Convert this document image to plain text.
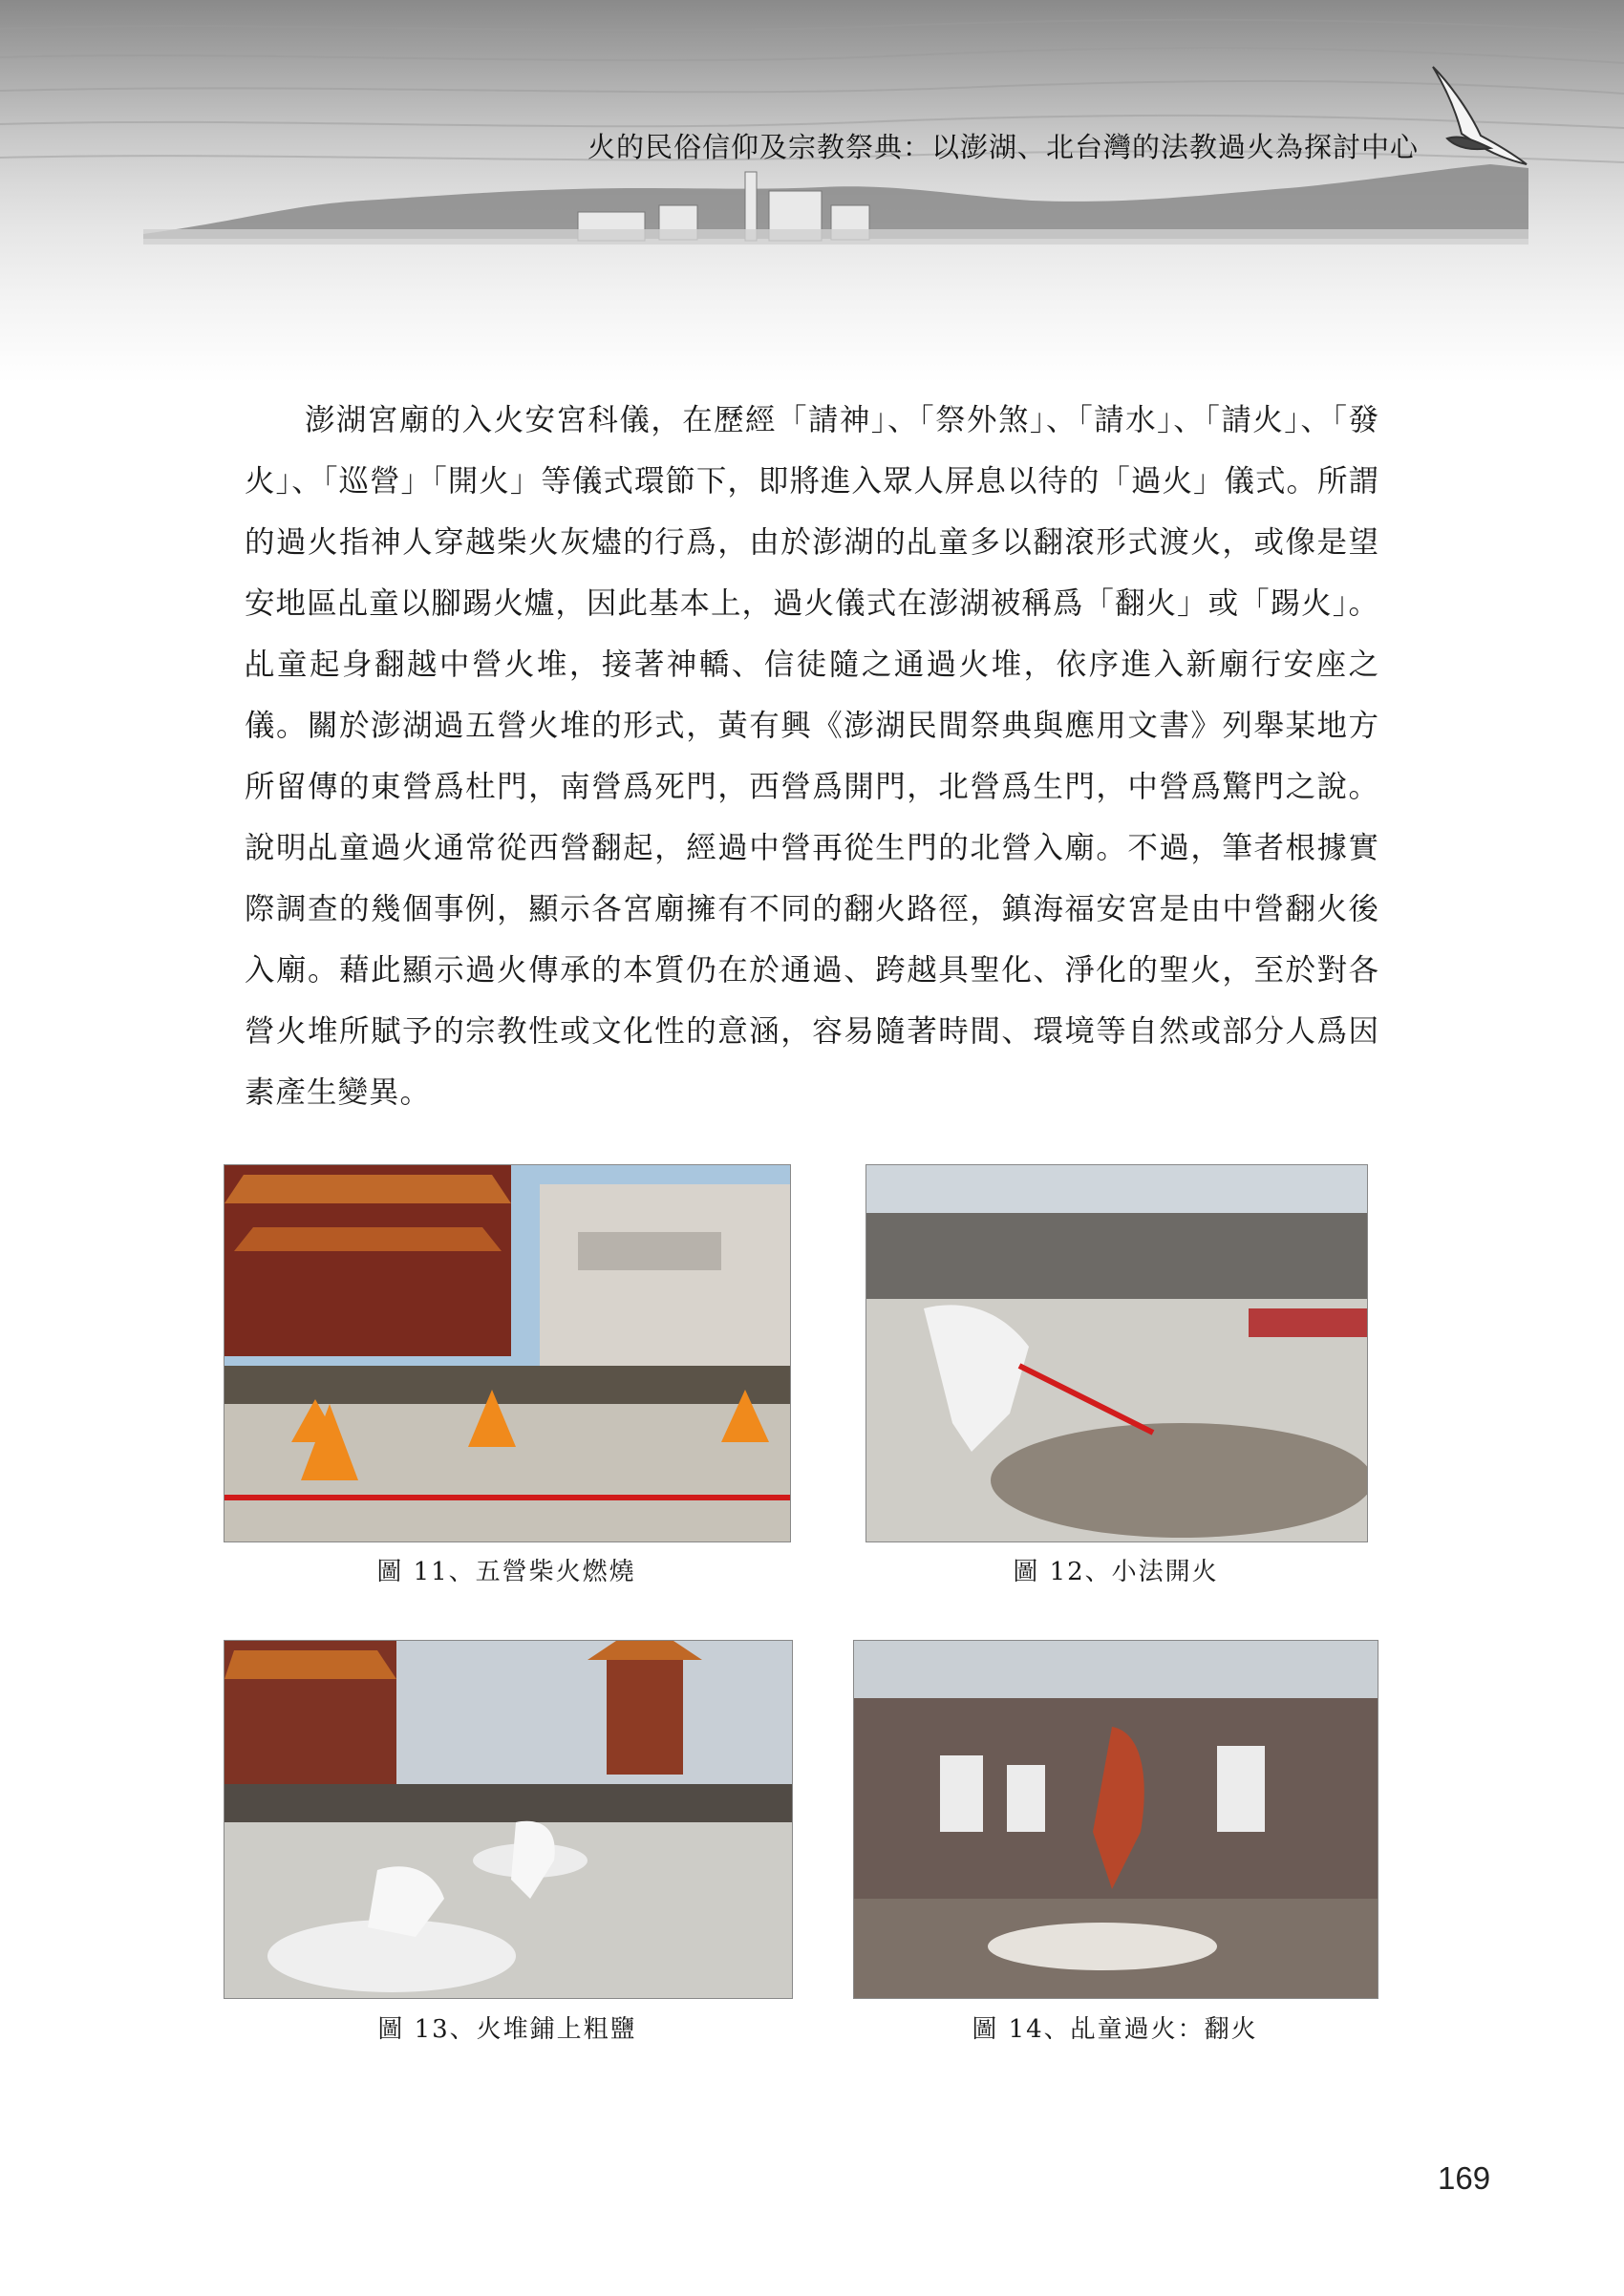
火的民俗信仰及宗教祭典：以澎湖、北台灣的法教過火為探討中心

澎湖宮廟的入火安宮科儀，在歷經「請神」、「祭外煞」、「請水」、「請火」、「發火」、「巡營」「開火」等儀式環節下，即將進入眾人屏息以待的「過火」儀式。所謂的過火指神人穿越柴火灰燼的行爲，由於澎湖的乩童多以翻滾形式渡火，或像是望安地區乩童以腳踢火爐，因此基本上，過火儀式在澎湖被稱爲「翻火」或「踢火」。乩童起身翻越中營火堆，接著神轎、信徒隨之通過火堆，依序進入新廟行安座之儀。關於澎湖過五營火堆的形式，黃有興《澎湖民間祭典與應用文書》列舉某地方所留傳的東營爲杜門，南營爲死門，西營爲開門，北營爲生門，中營爲驚門之說。說明乩童過火通常從西營翻起，經過中營再從生門的北營入廟。不過，筆者根據實際調查的幾個事例，顯示各宮廟擁有不同的翻火路徑，鎮海福安宮是由中營翻火後入廟。藉此顯示過火傳承的本質仍在於通過、跨越具聖化、淨化的聖火，至於對各營火堆所賦予的宗教性或文化性的意涵，容易隨著時間、環境等自然或部分人爲因素產生變異。

圖 11、五營柴火燃燒	圖 12、小法開火
圖 13、火堆鋪上粗鹽	圖 14、乩童過火：翻火
169
